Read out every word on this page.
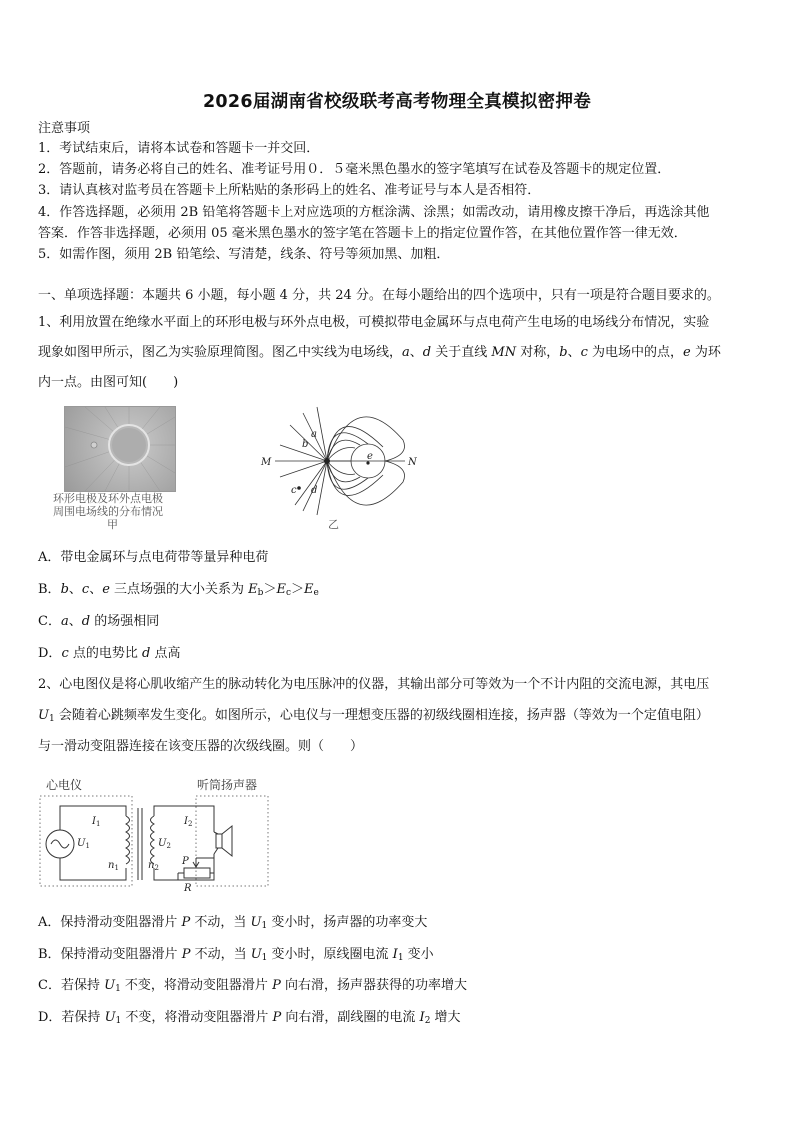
2026届湖南省校级联考高考物理全真模拟密押卷
注意事项
1．考试结束后，请将本试卷和答题卡一并交回．
2．答题前，请务必将自己的姓名、准考证号用０．５毫米黑色墨水的签字笔填写在试卷及答题卡的规定位置．
3．请认真核对监考员在答题卡上所粘贴的条形码上的姓名、准考证号与本人是否相符．
4．作答选择题，必须用 2B 铅笔将答题卡上对应选项的方框涂满、涂黑；如需改动，请用橡皮擦干净后，再选涂其他
答案．作答非选择题，必须用 05 毫米黑色墨水的签字笔在答题卡上的指定位置作答，在其他位置作答一律无效．
5．如需作图，须用 2B 铅笔绘、写清楚，线条、符号等须加黑、加粗．
一、单项选择题：本题共 6 小题，每小题 4 分，共 24 分。在每小题给出的四个选项中，只有一项是符合题目要求的。
1、利用放置在绝缘水平面上的环形电极与环外点电极，可模拟带电金属环与点电荷产生电场的电场线分布情况，实验
现象如图甲所示，图乙为实验原理简图。图乙中实线为电场线，a、d 关于直线 MN 对称，b、c 为电场中的点，e 为环
内一点。由图可知(　　)
环形电极及环外点电极
周围电场线的分布情况
甲
M	N
a
b
c d
e
乙
A．带电金属环与点电荷带等量异种电荷
B．b、c、e 三点场强的大小关系为 $E_b>E_c>E_e$
C．a、d 的场强相同
D．c 点的电势比 d 点高
2、心电图仪是将心肌收缩产生的脉动转化为电压脉冲的仪器，其输出部分可等效为一个不计内阻的交流电源，其电压
$U_1$ 会随着心跳频率发生变化。如图所示，心电仪与一理想变压器的初级线圈相连接，扬声器（等效为一个定值电阻）
与一滑动变阻器连接在该变压器的次级线圈。则（　　）
心电仪	听筒扬声器
$I_1$
$U_1$
$n_1$
$I_2$
$U_2$
$n_2$
P
R
A．保持滑动变阻器滑片 P 不动，当 $U_1$ 变小时，扬声器的功率变大
B．保持滑动变阻器滑片 P 不动，当 $U_1$ 变小时，原线圈电流 $I_1$ 变小
C．若保持 $U_1$ 不变，将滑动变阻器滑片 P 向右滑，扬声器获得的功率增大
D．若保持 $U_1$ 不变，将滑动变阻器滑片 P 向右滑，副线圈的电流 $I_2$ 增大
